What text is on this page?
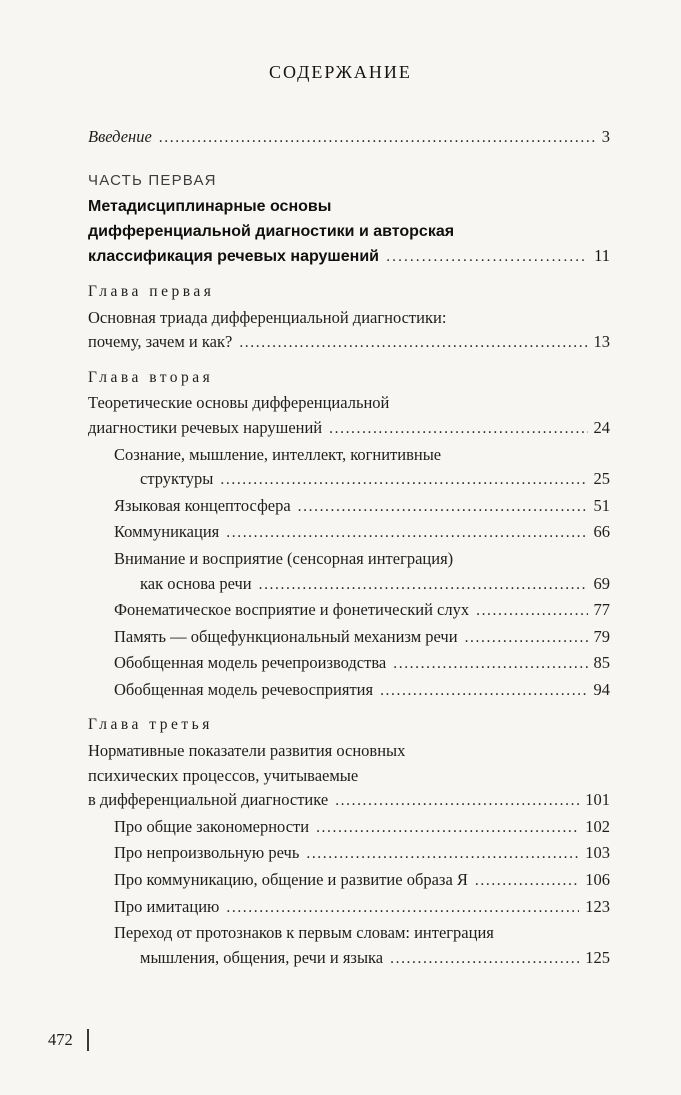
СОДЕРЖАНИЕ
Введение .....	3
ЧАСТЬ ПЕРВАЯ
Метадисциплинарные основы
дифференциальной диагностики и авторская
классификация речевых нарушений .....	11
Глава первая
Основная триада дифференциальной диагностики:
почему, зачем и как? .....	13
Глава вторая
Теоретические основы дифференциальной
диагностики речевых нарушений .....	24
Сознание, мышление, интеллект, когнитивные
структуры .....	25
Языковая концептосфера .....	51
Коммуникация .....	66
Внимание и восприятие (сенсорная интеграция)
как основа речи .....	69
Фонематическое восприятие и фонетический слух .....	77
Память — общефункциональный механизм речи .....	79
Обобщенная модель речепроизводства .....	85
Обобщенная модель речевосприятия .....	94
Глава третья
Нормативные показатели развития основных
психических процессов, учитываемые
в дифференциальной диагностике .....	101
Про общие закономерности .....	102
Про непроизвольную речь .....	103
Про коммуникацию, общение и развитие образа Я .....	106
Про имитацию .....	123
Переход от протознаков к первым словам: интеграция
мышления, общения, речи и языка .....	125
472
